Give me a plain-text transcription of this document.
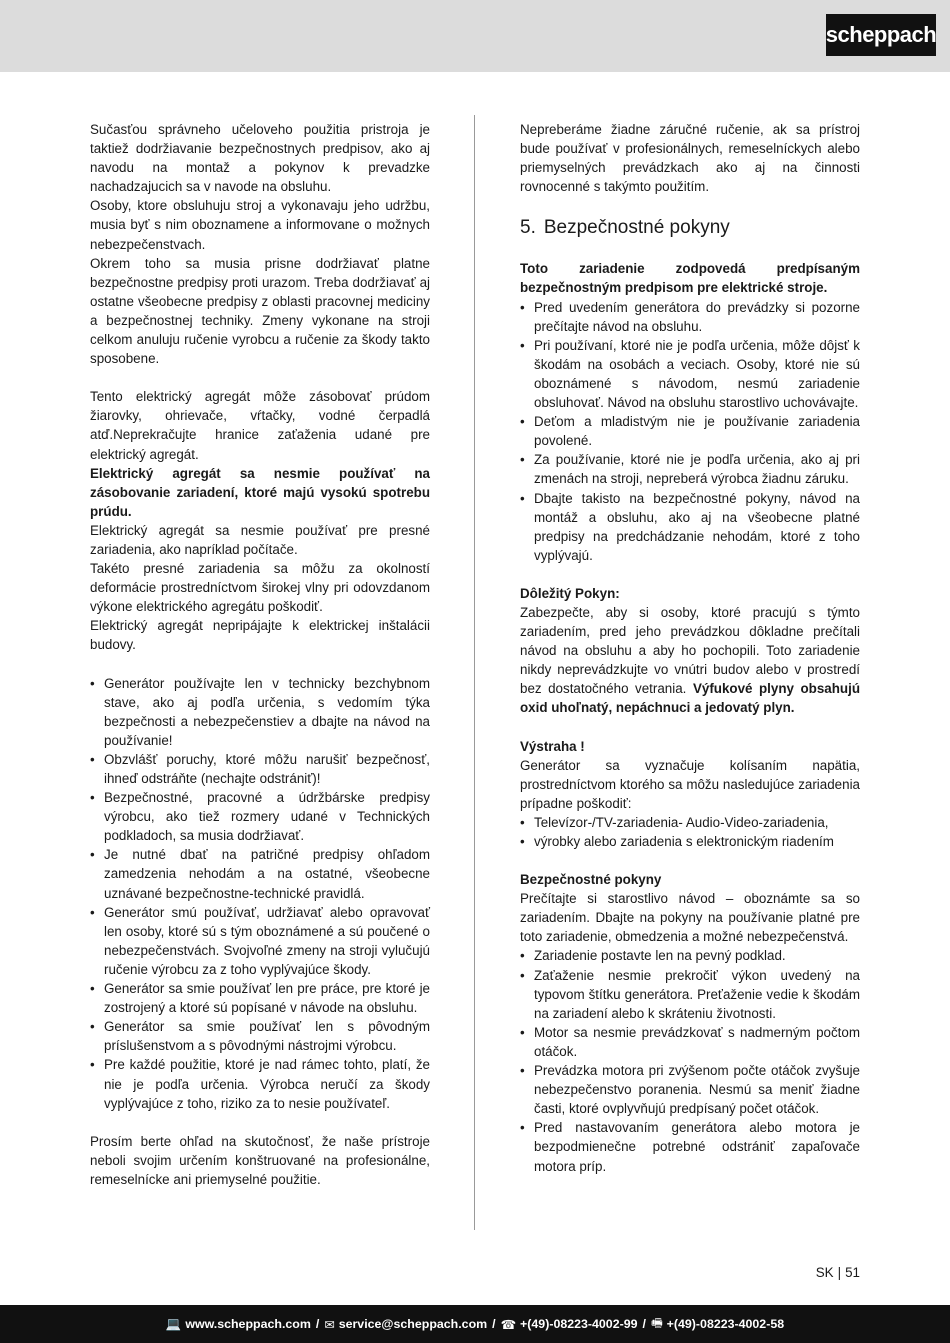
scheppach

Sučasťou správneho učeloveho použitia pristroja je taktiež dodržiavanie bezpečnostnych predpisov, ako aj navodu na montaž a pokynov k prevadzke nachadzajucich sa v navode na obsluhu.

Osoby, ktore obsluhuju stroj a vykonavaju jeho udržbu, musia byť s nim oboznamene a informovane o možnych nebezpečenstvach.

Okrem toho sa musia prisne dodržiavať platne bezpečnostne predpisy proti urazom. Treba dodržiavať aj ostatne všeobecne predpisy z oblasti pracovnej mediciny a bezpečnostnej techniky. Zmeny vykonane na stroji celkom anuluju ručenie vyrobcu a ručenie za škody takto sposobene.

Tento elektrický agregát môže zásobovať prúdom žiarovky, ohrievače, vŕtačky, vodné čerpadlá atď.Neprekračujte hranice zaťaženia udané pre elektrický agregát.

Elektrický agregát sa nesmie používať na zásobovanie zariadení, ktoré majú vysokú spotrebu prúdu.

Elektrický agregát sa nesmie používať pre presné zariadenia, ako napríklad počítače.

Takéto presné zariadenia sa môžu za okolností deformácie prostredníctvom širokej vlny pri odovzdanom výkone elektrického agregátu poškodiť.

Elektrický agregát nepripájajte k elektrickej inštalácii budovy.

• Generátor používajte len v technicky bezchybnom stave, ako aj podľa určenia, s vedomím týka bezpečnosti a nebezpečenstiev a dbajte na návod na používanie!
• Obzvlášť poruchy, ktoré môžu narušiť bezpečnosť, ihneď odstráňte (nechajte odstrániť)!
• Bezpečnostné, pracovné a údržbárske predpisy výrobcu, ako tiež rozmery udané v Technických podkladoch, sa musia dodržiavať.
• Je nutné dbať na patričné predpisy ohľadom zamedzenia nehodám a na ostatné, všeobecne uznávané bezpečnostne-technické pravidlá.
• Generátor smú používať, udržiavať alebo opravovať len osoby, ktoré sú s tým oboznámené a sú poučené o nebezpečenstvách. Svojvoľné zmeny na stroji vylučujú ručenie výrobcu za z toho vyplývajúce škody.
• Generátor sa smie používať len pre práce, pre ktoré je zostrojený a ktoré sú popísané v návode na obsluhu.
• Generátor sa smie používať len s pôvodným príslušenstvom a s pôvodnými nástrojmi výrobcu.
• Pre každé použitie, ktoré je nad rámec tohto, platí, že nie je podľa určenia. Výrobca neručí za škody vyplývajúce z toho, riziko za to nesie používateľ.

Prosím berte ohľad na skutočnosť, že naše prístroje neboli svojim určením konštruované na profesionálne, remeselnícke ani priemyselné použitie.

Nepreberáme žiadne záručné ručenie, ak sa prístroj bude používať v profesionálnych, remeselníckych alebo priemyselných prevádzkach ako aj na činnosti rovnocenné s takýmto použitím.

5. Bezpečnostné pokyny

Toto zariadenie zodpovedá predpísaným bezpečnostným predpisom pre elektrické stroje.

• Pred uvedením generátora do prevádzky si pozorne prečítajte návod na obsluhu.
• Pri používaní, ktoré nie je podľa určenia, môže dôjsť k škodám na osobách a veciach. Osoby, ktoré nie sú oboznámené s návodom, nesmú zariadenie obsluhovať. Návod na obsluhu starostlivo uchovávajte.
• Deťom a mladistvým nie je používanie zariadenia povolené.
• Za používanie, ktoré nie je podľa určenia, ako aj pri zmenách na stroji, nepreberá výrobca žiadnu záruku.
• Dbajte takisto na bezpečnostné pokyny, návod na montáž a obsluhu, ako aj na všeobecne platné predpisy na predchádzanie nehodám, ktoré z toho vyplývajú.

Dôležitý Pokyn:

Zabezpečte, aby si osoby, ktoré pracujú s týmto zariadením, pred jeho prevádzkou dôkladne prečítali návod na obsluhu a aby ho pochopili. Toto zariadenie nikdy neprevádzkujte vo vnútri budov alebo v prostredí bez dostatočného vetrania. Výfukové plyny obsahujú oxid uhoľnatý, nepáchnuci a jedovatý plyn.

Výstraha !

Generátor sa vyznačuje kolísaním napätia, prostredníctvom ktorého sa môžu nasledujúce zariadenia prípadne poškodiť:

• Televízor-/TV-zariadenia- Audio-Video-zariadenia,
• výrobky alebo zariadenia s elektronickým riadením

Bezpečnostné pokyny

Prečítajte si starostlivo návod – oboznámte sa so zariadením. Dbajte na pokyny na používanie platné pre toto zariadenie, obmedzenia a možné nebezpečenstvá.

• Zariadenie postavte len na pevný podklad.
• Zaťaženie nesmie prekročiť výkon uvedený na typovom štítku generátora. Preťaženie vedie k škodám na zariadení alebo k skráteniu životnosti.
• Motor sa nesmie prevádzkovať s nadmerným počtom otáčok.
• Prevádzka motora pri zvýšenom počte otáčok zvyšuje nebezpečenstvo poranenia. Nesmú sa meniť žiadne časti, ktoré ovplyvňujú predpísaný počet otáčok.
• Pred nastavovaním generátora alebo motora je bezpodmienečne potrebné odstrániť zapaľovače motora príp.
SK | 51
💻 www.scheppach.com / ✉ service@scheppach.com / ☎ +(49)-08223-4002-99 / 🖷 +(49)-08223-4002-58
